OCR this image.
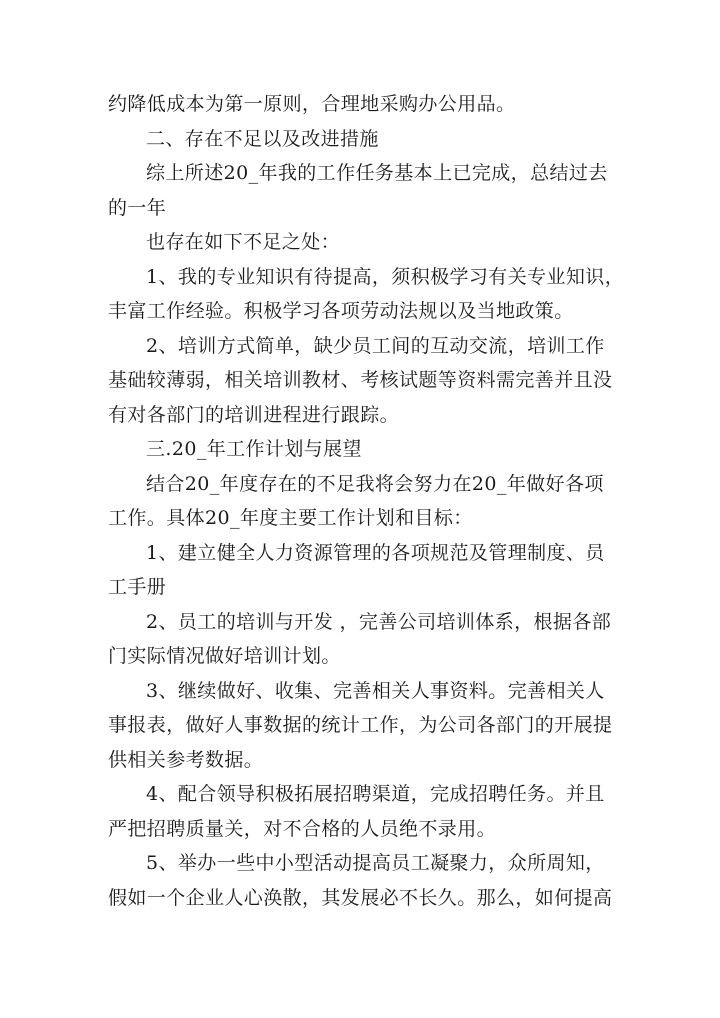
约降低成本为第一原则，合理地采购办公用品。
二、存在不足以及改进措施
综上所述20_年我的工作任务基本上已完成，总结过去
的一年
也存在如下不足之处：
1、我的专业知识有待提高，须积极学习有关专业知识，
丰富工作经验。积极学习各项劳动法规以及当地政策。
2、培训方式简单，缺少员工间的互动交流，培训工作
基础较薄弱，相关培训教材、考核试题等资料需完善并且没
有对各部门的培训进程进行跟踪。
三.20_年工作计划与展望
结合20_年度存在的不足我将会努力在20_年做好各项
工作。具体20_年度主要工作计划和目标：
1、建立健全人力资源管理的各项规范及管理制度、员
工手册
2、员工的培训与开发 ，完善公司培训体系，根据各部
门实际情况做好培训计划。
3、继续做好、收集、完善相关人事资料。完善相关人
事报表，做好人事数据的统计工作，为公司各部门的开展提
供相关参考数据。
4、配合领导积极拓展招聘渠道，完成招聘任务。并且
严把招聘质量关，对不合格的人员绝不录用。
5、举办一些中小型活动提高员工凝聚力，众所周知，
假如一个企业人心涣散，其发展必不长久。那么，如何提高
